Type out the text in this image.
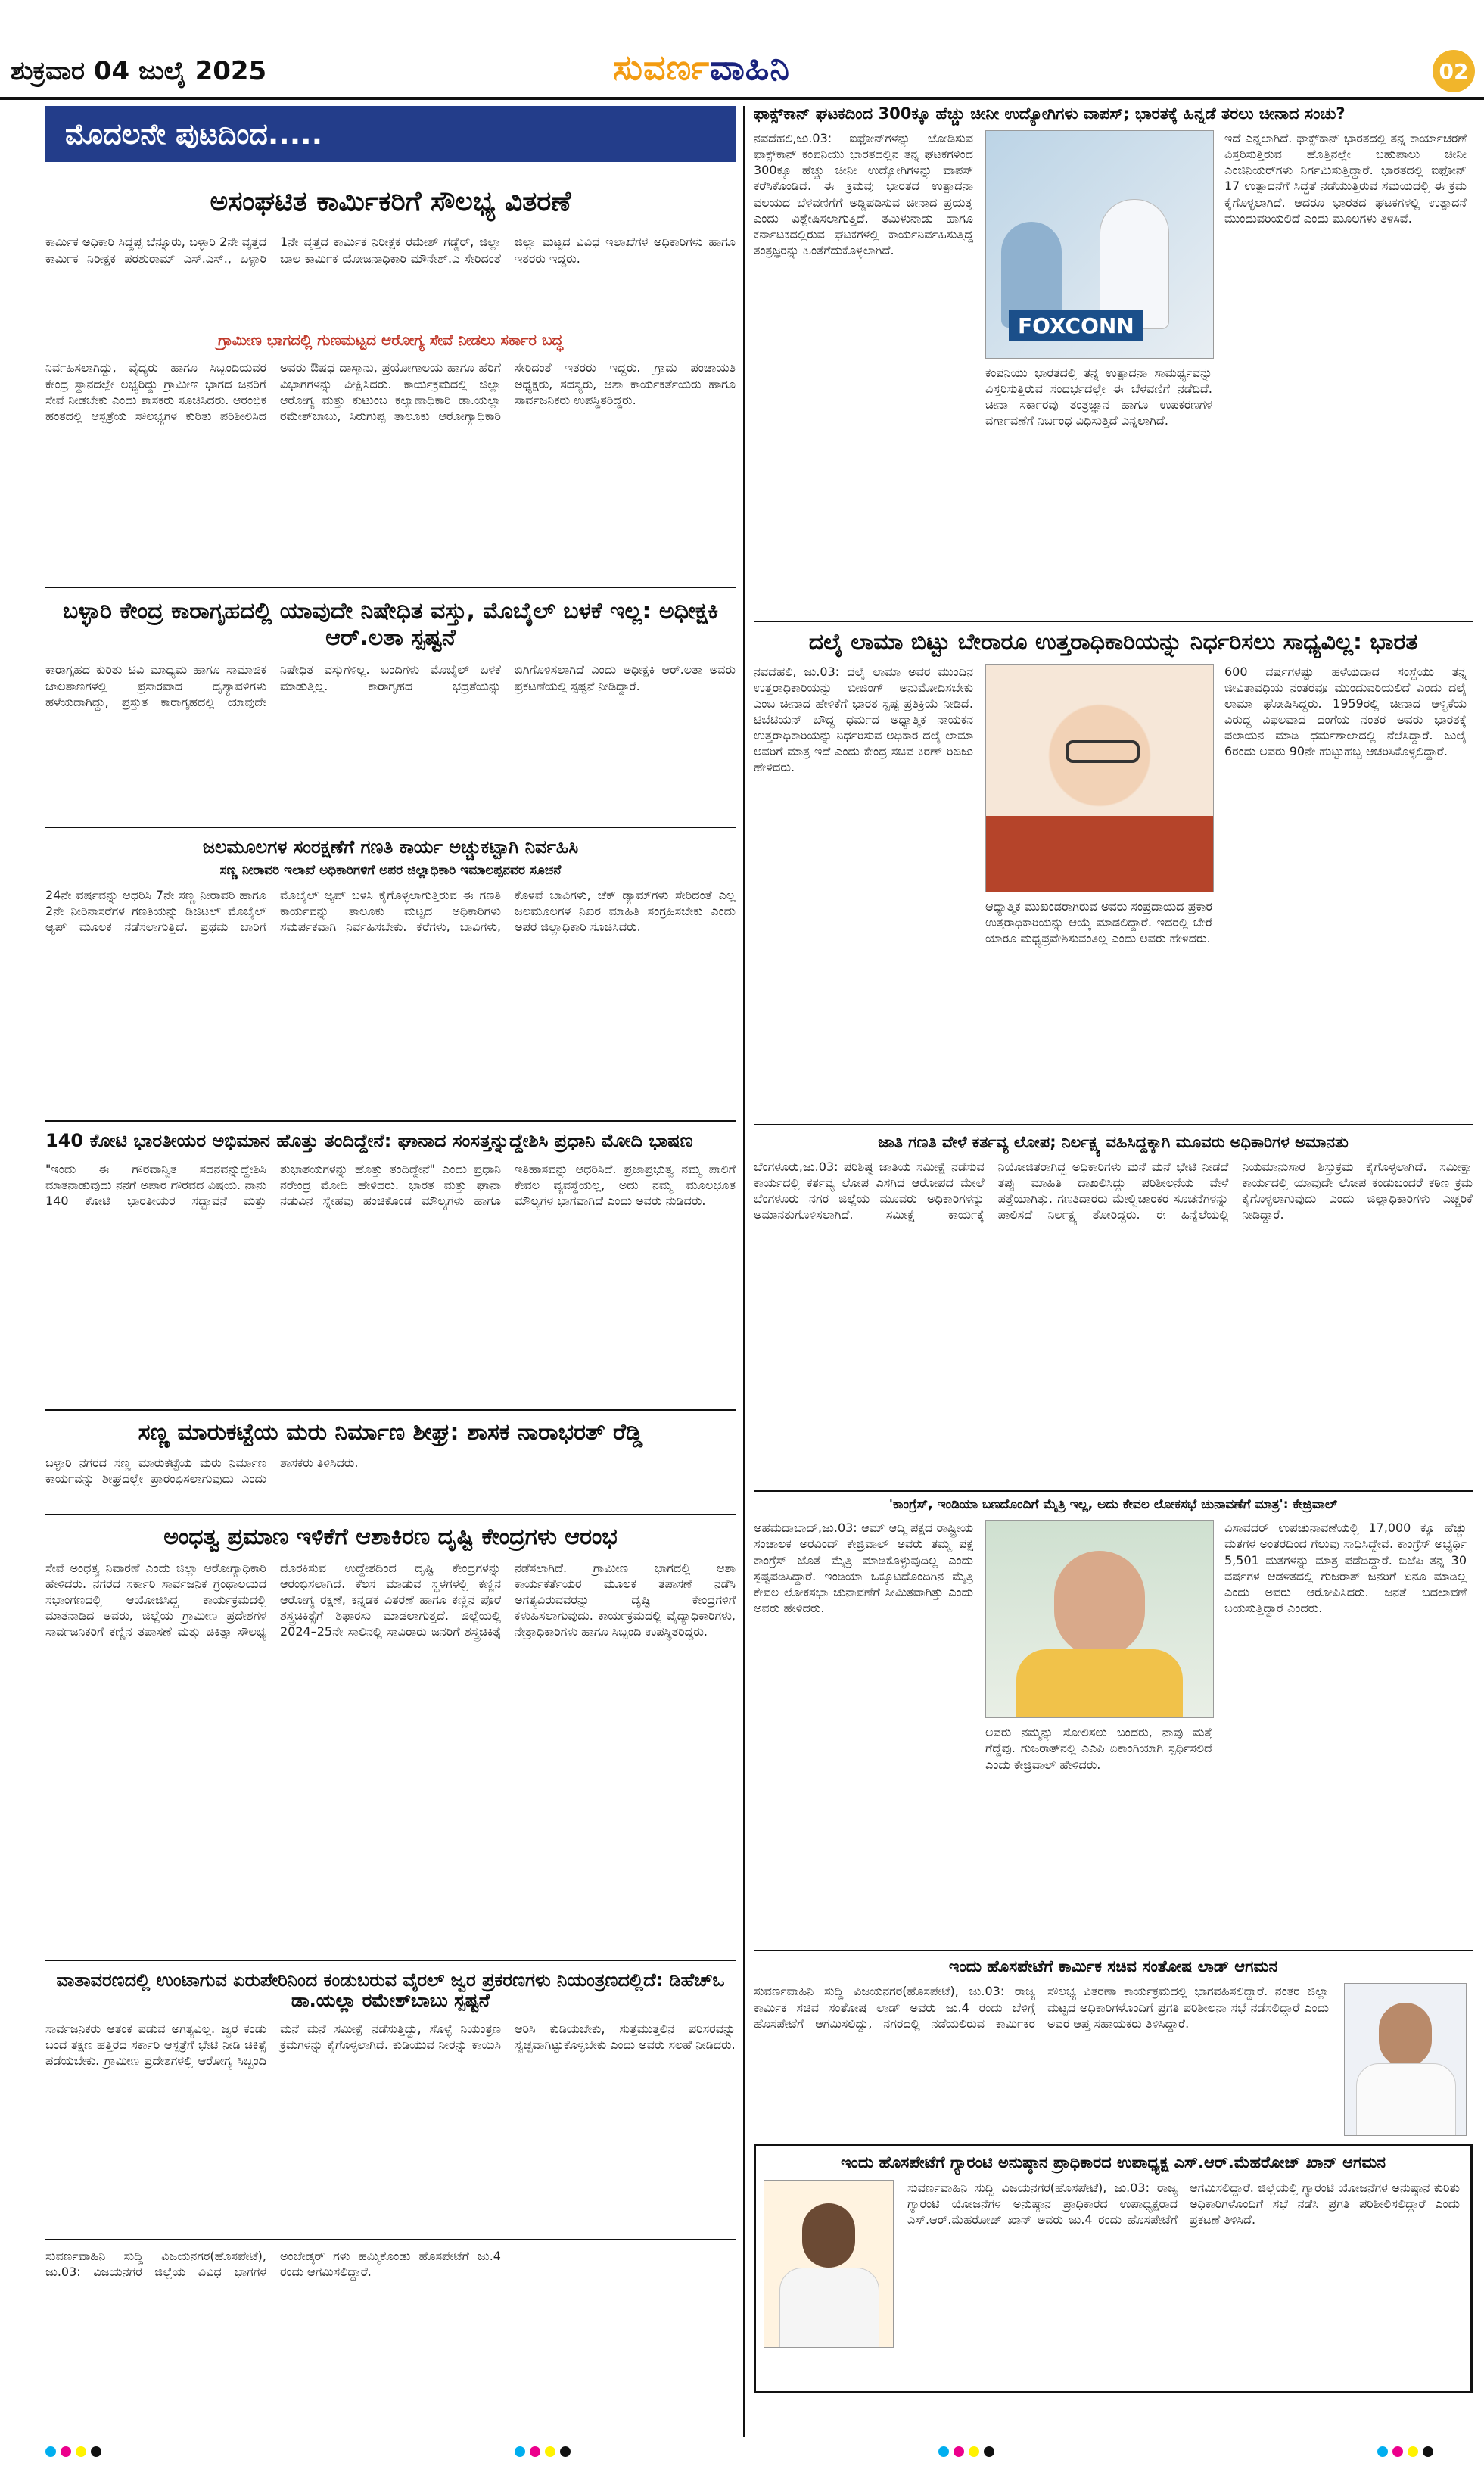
ಶುಕ್ರವಾರ 04 ಜುಲೈ 2025	ಸುವರ್ಣವಾಹಿನಿ	02
ಮೊದಲನೇ ಪುಟದಿಂದ.....
ಅಸಂಘಟಿತ ಕಾರ್ಮಿಕರಿಗೆ ಸೌಲಭ್ಯ ವಿತರಣೆ
ಕಾರ್ಮಿಕ ಅಧಿಕಾರಿ ಸಿದ್ದಪ್ಪ ಬೆನ್ನೂರು, ಬಳ್ಳಾರಿ 2ನೇ ವೃತ್ತದ ಕಾರ್ಮಿಕ ನಿರೀಕ್ಷಕ ಪರಶುರಾಮ್ ಎಸ್.ಎಸ್., ಬಳ್ಳಾರಿ 1ನೇ ವೃತ್ತದ ಕಾರ್ಮಿಕ ನಿರೀಕ್ಷಕ ರಮೇಶ್ ಗಡ್ಡೆರ್, ಜಿಲ್ಲಾ ಬಾಲ ಕಾರ್ಮಿಕ ಯೋಜನಾಧಿಕಾರಿ ಮೌನೇಶ್.ಎ ಸೇರಿದಂತೆ ಜಿಲ್ಲಾ ಮಟ್ಟದ ವಿವಿಧ ಇಲಾಖೆಗಳ ಅಧಿಕಾರಿಗಳು ಹಾಗೂ ಇತರರು ಇದ್ದರು.
ಗ್ರಾಮೀಣ ಭಾಗದಲ್ಲಿ ಗುಣಮಟ್ಟದ ಆರೋಗ್ಯ ಸೇವೆ ನೀಡಲು ಸರ್ಕಾರ ಬದ್ಧ
ನಿರ್ವಹಿಸಲಾಗಿದ್ದು, ವೈದ್ಯರು ಹಾಗೂ ಸಿಬ್ಬಂದಿಯವರ ಕೇಂದ್ರ ಸ್ಥಾನದಲ್ಲೇ ಲಭ್ಯರಿದ್ದು ಗ್ರಾಮೀಣ ಭಾಗದ ಜನರಿಗೆ ಸೇವೆ ನೀಡಬೇಕು ಎಂದು ಶಾಸಕರು ಸೂಚಿಸಿದರು. ಆರಂಭಿಕ ಹಂತದಲ್ಲಿ ಆಸ್ಪತ್ರೆಯ ಸೌಲಭ್ಯಗಳ ಕುರಿತು ಪರಿಶೀಲಿಸಿದ ಅವರು ಔಷಧ ದಾಸ್ತಾನು, ಪ್ರಯೋಗಾಲಯ ಹಾಗೂ ಹೆರಿಗೆ ವಿಭಾಗಗಳನ್ನು ವೀಕ್ಷಿಸಿದರು. ಕಾರ್ಯಕ್ರಮದಲ್ಲಿ ಜಿಲ್ಲಾ ಆರೋಗ್ಯ ಮತ್ತು ಕುಟುಂಬ ಕಲ್ಯಾಣಾಧಿಕಾರಿ ಡಾ.ಯಲ್ಲಾ ರಮೇಶ್‌ಬಾಬು, ಸಿರುಗುಪ್ಪ ತಾಲೂಕು ಆರೋಗ್ಯಾಧಿಕಾರಿ ಸೇರಿದಂತೆ ಇತರರು ಇದ್ದರು. ಗ್ರಾಮ ಪಂಚಾಯತಿ ಅಧ್ಯಕ್ಷರು, ಸದಸ್ಯರು, ಆಶಾ ಕಾರ್ಯಕರ್ತೆಯರು ಹಾಗೂ ಸಾರ್ವಜನಿಕರು ಉಪಸ್ಥಿತರಿದ್ದರು.
ಬಳ್ಳಾರಿ ಕೇಂದ್ರ ಕಾರಾಗೃಹದಲ್ಲಿ ಯಾವುದೇ ನಿಷೇಧಿತ ವಸ್ತು, ಮೊಬೈಲ್ ಬಳಕೆ ಇಲ್ಲ: ಅಧೀಕ್ಷಕಿ ಆರ್.ಲತಾ ಸ್ಪಷ್ಟನೆ
ಕಾರಾಗೃಹದ ಕುರಿತು ಟಿವಿ ಮಾಧ್ಯಮ ಹಾಗೂ ಸಾಮಾಜಿಕ ಜಾಲತಾಣಗಳಲ್ಲಿ ಪ್ರಸಾರವಾದ ದೃಶ್ಯಾವಳಿಗಳು ಹಳೆಯದಾಗಿದ್ದು, ಪ್ರಸ್ತುತ ಕಾರಾಗೃಹದಲ್ಲಿ ಯಾವುದೇ ನಿಷೇಧಿತ ವಸ್ತುಗಳಿಲ್ಲ. ಬಂದಿಗಳು ಮೊಬೈಲ್ ಬಳಕೆ ಮಾಡುತ್ತಿಲ್ಲ. ಕಾರಾಗೃಹದ ಭದ್ರತೆಯನ್ನು ಬಿಗಿಗೊಳಿಸಲಾಗಿದೆ ಎಂದು ಅಧೀಕ್ಷಕಿ ಆರ್.ಲತಾ ಅವರು ಪ್ರಕಟಣೆಯಲ್ಲಿ ಸ್ಪಷ್ಟನೆ ನೀಡಿದ್ದಾರೆ.
ಜಲಮೂಲಗಳ ಸಂರಕ್ಷಣೆಗೆ ಗಣತಿ ಕಾರ್ಯ ಅಚ್ಚುಕಟ್ಟಾಗಿ ನಿರ್ವಹಿಸಿ
ಸಣ್ಣ ನೀರಾವರಿ ಇಲಾಖೆ ಅಧಿಕಾರಿಗಳಿಗೆ ಅಪರ ಜಿಲ್ಲಾಧಿಕಾರಿ ಇಮಾಲಪ್ಪನವರ ಸೂಚನೆ
24ನೇ ವರ್ಷವನ್ನು ಆಧರಿಸಿ 7ನೇ ಸಣ್ಣ ನೀರಾವರಿ ಹಾಗೂ 2ನೇ ನೀರಿನಾಸರೆಗಳ ಗಣತಿಯನ್ನು ಡಿಜಿಟಲ್ ಮೊಬೈಲ್ ಆ್ಯಪ್ ಮೂಲಕ ನಡೆಸಲಾಗುತ್ತಿದೆ. ಪ್ರಥಮ ಬಾರಿಗೆ ಮೊಬೈಲ್ ಆ್ಯಪ್ ಬಳಸಿ ಕೈಗೊಳ್ಳಲಾಗುತ್ತಿರುವ ಈ ಗಣತಿ ಕಾರ್ಯವನ್ನು ತಾಲೂಕು ಮಟ್ಟದ ಅಧಿಕಾರಿಗಳು ಸಮರ್ಪಕವಾಗಿ ನಿರ್ವಹಿಸಬೇಕು. ಕೆರೆಗಳು, ಬಾವಿಗಳು, ಕೊಳವೆ ಬಾವಿಗಳು, ಚೆಕ್ ಡ್ಯಾಮ್‌ಗಳು ಸೇರಿದಂತೆ ಎಲ್ಲ ಜಲಮೂಲಗಳ ನಿಖರ ಮಾಹಿತಿ ಸಂಗ್ರಹಿಸಬೇಕು ಎಂದು ಅಪರ ಜಿಲ್ಲಾಧಿಕಾರಿ ಸೂಚಿಸಿದರು.
140 ಕೋಟಿ ಭಾರತೀಯರ ಅಭಿಮಾನ ಹೊತ್ತು ತಂದಿದ್ದೇನೆ: ಘಾನಾದ ಸಂಸತ್ತನ್ನುದ್ದೇಶಿಸಿ ಪ್ರಧಾನಿ ಮೋದಿ ಭಾಷಣ
"ಇಂದು ಈ ಗೌರವಾನ್ವಿತ ಸದನವನ್ನುದ್ದೇಶಿಸಿ ಮಾತನಾಡುವುದು ನನಗೆ ಅಪಾರ ಗೌರವದ ವಿಷಯ. ನಾನು 140 ಕೋಟಿ ಭಾರತೀಯರ ಸದ್ಭಾವನೆ ಮತ್ತು ಶುಭಾಶಯಗಳನ್ನು ಹೊತ್ತು ತಂದಿದ್ದೇನೆ" ಎಂದು ಪ್ರಧಾನಿ ನರೇಂದ್ರ ಮೋದಿ ಹೇಳಿದರು. ಭಾರತ ಮತ್ತು ಘಾನಾ ನಡುವಿನ ಸ್ನೇಹವು ಹಂಚಿಕೊಂಡ ಮೌಲ್ಯಗಳು ಹಾಗೂ ಇತಿಹಾಸವನ್ನು ಆಧರಿಸಿದೆ. ಪ್ರಜಾಪ್ರಭುತ್ವ ನಮ್ಮ ಪಾಲಿಗೆ ಕೇವಲ ವ್ಯವಸ್ಥೆಯಲ್ಲ, ಅದು ನಮ್ಮ ಮೂಲಭೂತ ಮೌಲ್ಯಗಳ ಭಾಗವಾಗಿದೆ ಎಂದು ಅವರು ನುಡಿದರು.
ಸಣ್ಣ ಮಾರುಕಟ್ಟೆಯ ಮರು ನಿರ್ಮಾಣ ಶೀಘ್ರ: ಶಾಸಕ ನಾರಾಭರತ್ ರೆಡ್ಡಿ
ಬಳ್ಳಾರಿ ನಗರದ ಸಣ್ಣ ಮಾರುಕಟ್ಟೆಯ ಮರು ನಿರ್ಮಾಣ ಕಾರ್ಯವನ್ನು ಶೀಘ್ರದಲ್ಲೇ ಪ್ರಾರಂಭಿಸಲಾಗುವುದು ಎಂದು ಶಾಸಕರು ತಿಳಿಸಿದರು.
ಅಂಧತ್ವ ಪ್ರಮಾಣ ಇಳಿಕೆಗೆ ಆಶಾಕಿರಣ ದೃಷ್ಟಿ ಕೇಂದ್ರಗಳು ಆರಂಭ
ಸೇವೆ ಅಂಧತ್ವ ನಿವಾರಣೆ ಎಂದು ಜಿಲ್ಲಾ ಆರೋಗ್ಯಾಧಿಕಾರಿ ಹೇಳಿದರು. ನಗರದ ಸರ್ಕಾರಿ ಸಾರ್ವಜನಿಕ ಗ್ರಂಥಾಲಯದ ಸಭಾಂಗಣದಲ್ಲಿ ಆಯೋಜಿಸಿದ್ದ ಕಾರ್ಯಕ್ರಮದಲ್ಲಿ ಮಾತನಾಡಿದ ಅವರು, ಜಿಲ್ಲೆಯ ಗ್ರಾಮೀಣ ಪ್ರದೇಶಗಳ ಸಾರ್ವಜನಿಕರಿಗೆ ಕಣ್ಣಿನ ತಪಾಸಣೆ ಮತ್ತು ಚಿಕಿತ್ಸಾ ಸೌಲಭ್ಯ ದೊರಕಿಸುವ ಉದ್ದೇಶದಿಂದ ದೃಷ್ಟಿ ಕೇಂದ್ರಗಳನ್ನು ಆರಂಭಿಸಲಾಗಿದೆ. ಕೆಲಸ ಮಾಡುವ ಸ್ಥಳಗಳಲ್ಲಿ ಕಣ್ಣಿನ ಆರೋಗ್ಯ ರಕ್ಷಣೆ, ಕನ್ನಡಕ ವಿತರಣೆ ಹಾಗೂ ಕಣ್ಣಿನ ಪೊರೆ ಶಸ್ತ್ರಚಿಕಿತ್ಸೆಗೆ ಶಿಫಾರಸು ಮಾಡಲಾಗುತ್ತದೆ. ಜಿಲ್ಲೆಯಲ್ಲಿ 2024–25ನೇ ಸಾಲಿನಲ್ಲಿ ಸಾವಿರಾರು ಜನರಿಗೆ ಶಸ್ತ್ರಚಿಕಿತ್ಸೆ ನಡೆಸಲಾಗಿದೆ. ಗ್ರಾಮೀಣ ಭಾಗದಲ್ಲಿ ಆಶಾ ಕಾರ್ಯಕರ್ತೆಯರ ಮೂಲಕ ತಪಾಸಣೆ ನಡೆಸಿ ಅಗತ್ಯವಿರುವವರನ್ನು ದೃಷ್ಟಿ ಕೇಂದ್ರಗಳಿಗೆ ಕಳುಹಿಸಲಾಗುವುದು. ಕಾರ್ಯಕ್ರಮದಲ್ಲಿ ವೈದ್ಯಾಧಿಕಾರಿಗಳು, ನೇತ್ರಾಧಿಕಾರಿಗಳು ಹಾಗೂ ಸಿಬ್ಬಂದಿ ಉಪಸ್ಥಿತರಿದ್ದರು.
ವಾತಾವರಣದಲ್ಲಿ ಉಂಟಾಗುವ ಏರುಪೇರಿನಿಂದ ಕಂಡುಬರುವ ವೈರಲ್ ಜ್ವರ ಪ್ರಕರಣಗಳು ನಿಯಂತ್ರಣದಲ್ಲಿದೆ: ಡಿಹೆಚ್ಒ ಡಾ.ಯಲ್ಲಾ ರಮೇಶ್‌ಬಾಬು ಸ್ಪಷ್ಟನೆ
ಸಾರ್ವಜನಿಕರು ಆತಂಕ ಪಡುವ ಅಗತ್ಯವಿಲ್ಲ. ಜ್ವರ ಕಂಡು ಬಂದ ತಕ್ಷಣ ಹತ್ತಿರದ ಸರ್ಕಾರಿ ಆಸ್ಪತ್ರೆಗೆ ಭೇಟಿ ನೀಡಿ ಚಿಕಿತ್ಸೆ ಪಡೆಯಬೇಕು. ಗ್ರಾಮೀಣ ಪ್ರದೇಶಗಳಲ್ಲಿ ಆರೋಗ್ಯ ಸಿಬ್ಬಂದಿ ಮನೆ ಮನೆ ಸಮೀಕ್ಷೆ ನಡೆಸುತ್ತಿದ್ದು, ಸೊಳ್ಳೆ ನಿಯಂತ್ರಣ ಕ್ರಮಗಳನ್ನು ಕೈಗೊಳ್ಳಲಾಗಿದೆ. ಕುಡಿಯುವ ನೀರನ್ನು ಕಾಯಿಸಿ ಆರಿಸಿ ಕುಡಿಯಬೇಕು, ಸುತ್ತಮುತ್ತಲಿನ ಪರಿಸರವನ್ನು ಸ್ವಚ್ಛವಾಗಿಟ್ಟುಕೊಳ್ಳಬೇಕು ಎಂದು ಅವರು ಸಲಹೆ ನೀಡಿದರು.
ಸುವರ್ಣವಾಹಿನಿ ಸುದ್ದಿ ವಿಜಯನಗರ(ಹೊಸಪೇಟೆ), ಜು.03: ವಿಜಯನಗರ ಜಿಲ್ಲೆಯ ವಿವಿಧ ಭಾಗಗಳ ಅಂಬೇಡ್ಕರ್ ಗಳು ಹಮ್ಮಿಕೊಂಡು ಹೊಸಪೇಟೆಗೆ ಜು.4 ರಂದು ಆಗಮಿಸಲಿದ್ದಾರೆ.
ಫಾಕ್ಸ್‌ಕಾನ್ ಘಟಕದಿಂದ 300ಕ್ಕೂ ಹೆಚ್ಚು ಚೀನೀ ಉದ್ಯೋಗಿಗಳು ವಾಪಸ್; ಭಾರತಕ್ಕೆ ಹಿನ್ನಡೆ ತರಲು ಚೀನಾದ ಸಂಚು?
ನವದೆಹಲಿ,ಜು.03: ಐಫೋನ್‌ಗಳನ್ನು ಜೋಡಿಸುವ ಫಾಕ್ಸ್‌ಕಾನ್ ಕಂಪನಿಯು ಭಾರತದಲ್ಲಿನ ತನ್ನ ಘಟಕಗಳಿಂದ 300ಕ್ಕೂ ಹೆಚ್ಚು ಚೀನೀ ಉದ್ಯೋಗಿಗಳನ್ನು ವಾಪಸ್ ಕರೆಸಿಕೊಂಡಿದೆ. ಈ ಕ್ರಮವು ಭಾರತದ ಉತ್ಪಾದನಾ ವಲಯದ ಬೆಳವಣಿಗೆಗೆ ಅಡ್ಡಿಪಡಿಸುವ ಚೀನಾದ ಪ್ರಯತ್ನ ಎಂದು ವಿಶ್ಲೇಷಿಸಲಾಗುತ್ತಿದೆ. ತಮಿಳುನಾಡು ಹಾಗೂ ಕರ್ನಾಟಕದಲ್ಲಿರುವ ಘಟಕಗಳಲ್ಲಿ ಕಾರ್ಯನಿರ್ವಹಿಸುತ್ತಿದ್ದ ತಂತ್ರಜ್ಞರನ್ನು ಹಿಂತೆಗೆದುಕೊಳ್ಳಲಾಗಿದೆ.
FOXCONN
ಕಂಪನಿಯು ಭಾರತದಲ್ಲಿ ತನ್ನ ಉತ್ಪಾದನಾ ಸಾಮರ್ಥ್ಯವನ್ನು ವಿಸ್ತರಿಸುತ್ತಿರುವ ಸಂದರ್ಭದಲ್ಲೇ ಈ ಬೆಳವಣಿಗೆ ನಡೆದಿದೆ. ಚೀನಾ ಸರ್ಕಾರವು ತಂತ್ರಜ್ಞಾನ ಹಾಗೂ ಉಪಕರಣಗಳ ವರ್ಗಾವಣೆಗೆ ನಿರ್ಬಂಧ ವಿಧಿಸುತ್ತಿದೆ ಎನ್ನಲಾಗಿದೆ.
ಇದೆ ಎನ್ನಲಾಗಿದೆ. ಫಾಕ್ಸ್‌ಕಾನ್ ಭಾರತದಲ್ಲಿ ತನ್ನ ಕಾರ್ಯಾಚರಣೆ ವಿಸ್ತರಿಸುತ್ತಿರುವ ಹೊತ್ತಿನಲ್ಲೇ ಬಹುಪಾಲು ಚೀನೀ ಎಂಜಿನಿಯರ್‌ಗಳು ನಿರ್ಗಮಿಸುತ್ತಿದ್ದಾರೆ. ಭಾರತದಲ್ಲಿ ಐಫೋನ್ 17 ಉತ್ಪಾದನೆಗೆ ಸಿದ್ಧತೆ ನಡೆಯುತ್ತಿರುವ ಸಮಯದಲ್ಲಿ ಈ ಕ್ರಮ ಕೈಗೊಳ್ಳಲಾಗಿದೆ. ಆದರೂ ಭಾರತದ ಘಟಕಗಳಲ್ಲಿ ಉತ್ಪಾದನೆ ಮುಂದುವರಿಯಲಿದೆ ಎಂದು ಮೂಲಗಳು ತಿಳಿಸಿವೆ.
ದಲೈ ಲಾಮಾ ಬಿಟ್ಟು ಬೇರಾರೂ ಉತ್ತರಾಧಿಕಾರಿಯನ್ನು ನಿರ್ಧರಿಸಲು ಸಾಧ್ಯವಿಲ್ಲ: ಭಾರತ
ನವದೆಹಲಿ, ಜು.03: ದಲೈ ಲಾಮಾ ಅವರ ಮುಂದಿನ ಉತ್ತರಾಧಿಕಾರಿಯನ್ನು ಬೀಜಿಂಗ್ ಅನುಮೋದಿಸಬೇಕು ಎಂಬ ಚೀನಾದ ಹೇಳಿಕೆಗೆ ಭಾರತ ಸ್ಪಷ್ಟ ಪ್ರತಿಕ್ರಿಯೆ ನೀಡಿದೆ. ಟಿಬೆಟಿಯನ್ ಬೌದ್ಧ ಧರ್ಮದ ಅಧ್ಯಾತ್ಮಿಕ ನಾಯಕನ ಉತ್ತರಾಧಿಕಾರಿಯನ್ನು ನಿರ್ಧರಿಸುವ ಅಧಿಕಾರ ದಲೈ ಲಾಮಾ ಅವರಿಗೆ ಮಾತ್ರ ಇದೆ ಎಂದು ಕೇಂದ್ರ ಸಚಿವ ಕಿರಣ್ ರಿಜಿಜು ಹೇಳಿದರು.
ಆಧ್ಯಾತ್ಮಿಕ ಮುಖಂಡರಾಗಿರುವ ಅವರು ಸಂಪ್ರದಾಯದ ಪ್ರಕಾರ ಉತ್ತರಾಧಿಕಾರಿಯನ್ನು ಆಯ್ಕೆ ಮಾಡಲಿದ್ದಾರೆ. ಇದರಲ್ಲಿ ಬೇರೆ ಯಾರೂ ಮಧ್ಯಪ್ರವೇಶಿಸುವಂತಿಲ್ಲ ಎಂದು ಅವರು ಹೇಳಿದರು.
600 ವರ್ಷಗಳಷ್ಟು ಹಳೆಯದಾದ ಸಂಸ್ಥೆಯು ತನ್ನ ಜೀವಿತಾವಧಿಯ ನಂತರವೂ ಮುಂದುವರಿಯಲಿದೆ ಎಂದು ದಲೈ ಲಾಮಾ ಘೋಷಿಸಿದ್ದರು. 1959ರಲ್ಲಿ ಚೀನಾದ ಆಳ್ವಿಕೆಯ ವಿರುದ್ಧ ವಿಫಲವಾದ ದಂಗೆಯ ನಂತರ ಅವರು ಭಾರತಕ್ಕೆ ಪಲಾಯನ ಮಾಡಿ ಧರ್ಮಶಾಲಾದಲ್ಲಿ ನೆಲೆಸಿದ್ದಾರೆ. ಜುಲೈ 6ರಂದು ಅವರು 90ನೇ ಹುಟ್ಟುಹಬ್ಬ ಆಚರಿಸಿಕೊಳ್ಳಲಿದ್ದಾರೆ.
ಜಾತಿ ಗಣತಿ ವೇಳೆ ಕರ್ತವ್ಯ ಲೋಪ; ನಿರ್ಲಕ್ಷ್ಯ ವಹಿಸಿದ್ದಕ್ಕಾಗಿ ಮೂವರು ಅಧಿಕಾರಿಗಳ ಅಮಾನತು
ಬೆಂಗಳೂರು,ಜು.03: ಪರಿಶಿಷ್ಟ ಜಾತಿಯ ಸಮೀಕ್ಷೆ ನಡೆಸುವ ಕಾರ್ಯದಲ್ಲಿ ಕರ್ತವ್ಯ ಲೋಪ ಎಸಗಿದ ಆರೋಪದ ಮೇಲೆ ಬೆಂಗಳೂರು ನಗರ ಜಿಲ್ಲೆಯ ಮೂವರು ಅಧಿಕಾರಿಗಳನ್ನು ಅಮಾನತುಗೊಳಿಸಲಾಗಿದೆ. ಸಮೀಕ್ಷೆ ಕಾರ್ಯಕ್ಕೆ ನಿಯೋಜಿತರಾಗಿದ್ದ ಅಧಿಕಾರಿಗಳು ಮನೆ ಮನೆ ಭೇಟಿ ನೀಡದೆ ತಪ್ಪು ಮಾಹಿತಿ ದಾಖಲಿಸಿದ್ದು ಪರಿಶೀಲನೆಯ ವೇಳೆ ಪತ್ತೆಯಾಗಿತ್ತು. ಗಣತಿದಾರರು ಮೇಲ್ವಿಚಾರಕರ ಸೂಚನೆಗಳನ್ನು ಪಾಲಿಸದೆ ನಿರ್ಲಕ್ಷ್ಯ ತೋರಿದ್ದರು. ಈ ಹಿನ್ನೆಲೆಯಲ್ಲಿ ನಿಯಮಾನುಸಾರ ಶಿಸ್ತುಕ್ರಮ ಕೈಗೊಳ್ಳಲಾಗಿದೆ. ಸಮೀಕ್ಷಾ ಕಾರ್ಯದಲ್ಲಿ ಯಾವುದೇ ಲೋಪ ಕಂಡುಬಂದರೆ ಕಠಿಣ ಕ್ರಮ ಕೈಗೊಳ್ಳಲಾಗುವುದು ಎಂದು ಜಿಲ್ಲಾಧಿಕಾರಿಗಳು ಎಚ್ಚರಿಕೆ ನೀಡಿದ್ದಾರೆ.
'ಕಾಂಗ್ರೆಸ್, ಇಂಡಿಯಾ ಬಣದೊಂದಿಗೆ ಮೈತ್ರಿ ಇಲ್ಲ, ಅದು ಕೇವಲ ಲೋಕಸಭೆ ಚುನಾವಣೆಗೆ ಮಾತ್ರ': ಕೇಜ್ರಿವಾಲ್
ಅಹಮದಾಬಾದ್,ಜು.03: ಆಮ್ ಆದ್ಮಿ ಪಕ್ಷದ ರಾಷ್ಟ್ರೀಯ ಸಂಚಾಲಕ ಅರವಿಂದ್ ಕೇಜ್ರಿವಾಲ್ ಅವರು ತಮ್ಮ ಪಕ್ಷ ಕಾಂಗ್ರೆಸ್ ಜೊತೆ ಮೈತ್ರಿ ಮಾಡಿಕೊಳ್ಳುವುದಿಲ್ಲ ಎಂದು ಸ್ಪಷ್ಟಪಡಿಸಿದ್ದಾರೆ. ಇಂಡಿಯಾ ಒಕ್ಕೂಟದೊಂದಿಗಿನ ಮೈತ್ರಿ ಕೇವಲ ಲೋಕಸಭಾ ಚುನಾವಣೆಗೆ ಸೀಮಿತವಾಗಿತ್ತು ಎಂದು ಅವರು ಹೇಳಿದರು.
ಅವರು ನಮ್ಮನ್ನು ಸೋಲಿಸಲು ಬಂದರು, ನಾವು ಮತ್ತೆ ಗೆದ್ದೆವು. ಗುಜರಾತ್‌ನಲ್ಲಿ ಎಎಪಿ ಏಕಾಂಗಿಯಾಗಿ ಸ್ಪರ್ಧಿಸಲಿದೆ ಎಂದು ಕೇಜ್ರಿವಾಲ್ ಹೇಳಿದರು.
ವಿಸಾವದರ್ ಉಪಚುನಾವಣೆಯಲ್ಲಿ 17,000 ಕ್ಕೂ ಹೆಚ್ಚು ಮತಗಳ ಅಂತರದಿಂದ ಗೆಲುವು ಸಾಧಿಸಿದ್ದೇವೆ. ಕಾಂಗ್ರೆಸ್ ಅಭ್ಯರ್ಥಿ 5,501 ಮತಗಳನ್ನು ಮಾತ್ರ ಪಡೆದಿದ್ದಾರೆ. ಬಿಜೆಪಿ ತನ್ನ 30 ವರ್ಷಗಳ ಆಡಳಿತದಲ್ಲಿ ಗುಜರಾತ್ ಜನರಿಗೆ ಏನೂ ಮಾಡಿಲ್ಲ ಎಂದು ಅವರು ಆರೋಪಿಸಿದರು. ಜನತೆ ಬದಲಾವಣೆ ಬಯಸುತ್ತಿದ್ದಾರೆ ಎಂದರು.
ಇಂದು ಹೊಸಪೇಟೆಗೆ ಕಾರ್ಮಿಕ ಸಚಿವ ಸಂತೋಷ ಲಾಡ್ ಆಗಮನ
ಸುವರ್ಣವಾಹಿನಿ ಸುದ್ದಿ ವಿಜಯನಗರ(ಹೊಸಪೇಟೆ), ಜು.03: ರಾಜ್ಯ ಕಾರ್ಮಿಕ ಸಚಿವ ಸಂತೋಷ ಲಾಡ್ ಅವರು ಜು.4 ರಂದು ಬೆಳಿಗ್ಗೆ ಹೊಸಪೇಟೆಗೆ ಆಗಮಿಸಲಿದ್ದು, ನಗರದಲ್ಲಿ ನಡೆಯಲಿರುವ ಕಾರ್ಮಿಕರ ಸೌಲಭ್ಯ ವಿತರಣಾ ಕಾರ್ಯಕ್ರಮದಲ್ಲಿ ಭಾಗವಹಿಸಲಿದ್ದಾರೆ. ನಂತರ ಜಿಲ್ಲಾ ಮಟ್ಟದ ಅಧಿಕಾರಿಗಳೊಂದಿಗೆ ಪ್ರಗತಿ ಪರಿಶೀಲನಾ ಸಭೆ ನಡೆಸಲಿದ್ದಾರೆ ಎಂದು ಅವರ ಆಪ್ತ ಸಹಾಯಕರು ತಿಳಿಸಿದ್ದಾರೆ.
ಇಂದು ಹೊಸಪೇಟೆಗೆ ಗ್ಯಾರಂಟಿ ಅನುಷ್ಠಾನ ಪ್ರಾಧಿಕಾರದ ಉಪಾಧ್ಯಕ್ಷ ಎಸ್.ಆರ್.ಮೆಹರೋಜ್ ಖಾನ್ ಆಗಮನ
ಸುವರ್ಣವಾಹಿನಿ ಸುದ್ದಿ ವಿಜಯನಗರ(ಹೊಸಪೇಟೆ), ಜು.03: ರಾಜ್ಯ ಗ್ಯಾರಂಟಿ ಯೋಜನೆಗಳ ಅನುಷ್ಠಾನ ಪ್ರಾಧಿಕಾರದ ಉಪಾಧ್ಯಕ್ಷರಾದ ಎಸ್.ಆರ್.ಮೆಹರೋಜ್ ಖಾನ್ ಅವರು ಜು.4 ರಂದು ಹೊಸಪೇಟೆಗೆ ಆಗಮಿಸಲಿದ್ದಾರೆ. ಜಿಲ್ಲೆಯಲ್ಲಿ ಗ್ಯಾರಂಟಿ ಯೋಜನೆಗಳ ಅನುಷ್ಠಾನ ಕುರಿತು ಅಧಿಕಾರಿಗಳೊಂದಿಗೆ ಸಭೆ ನಡೆಸಿ ಪ್ರಗತಿ ಪರಿಶೀಲಿಸಲಿದ್ದಾರೆ ಎಂದು ಪ್ರಕಟಣೆ ತಿಳಿಸಿದೆ.
